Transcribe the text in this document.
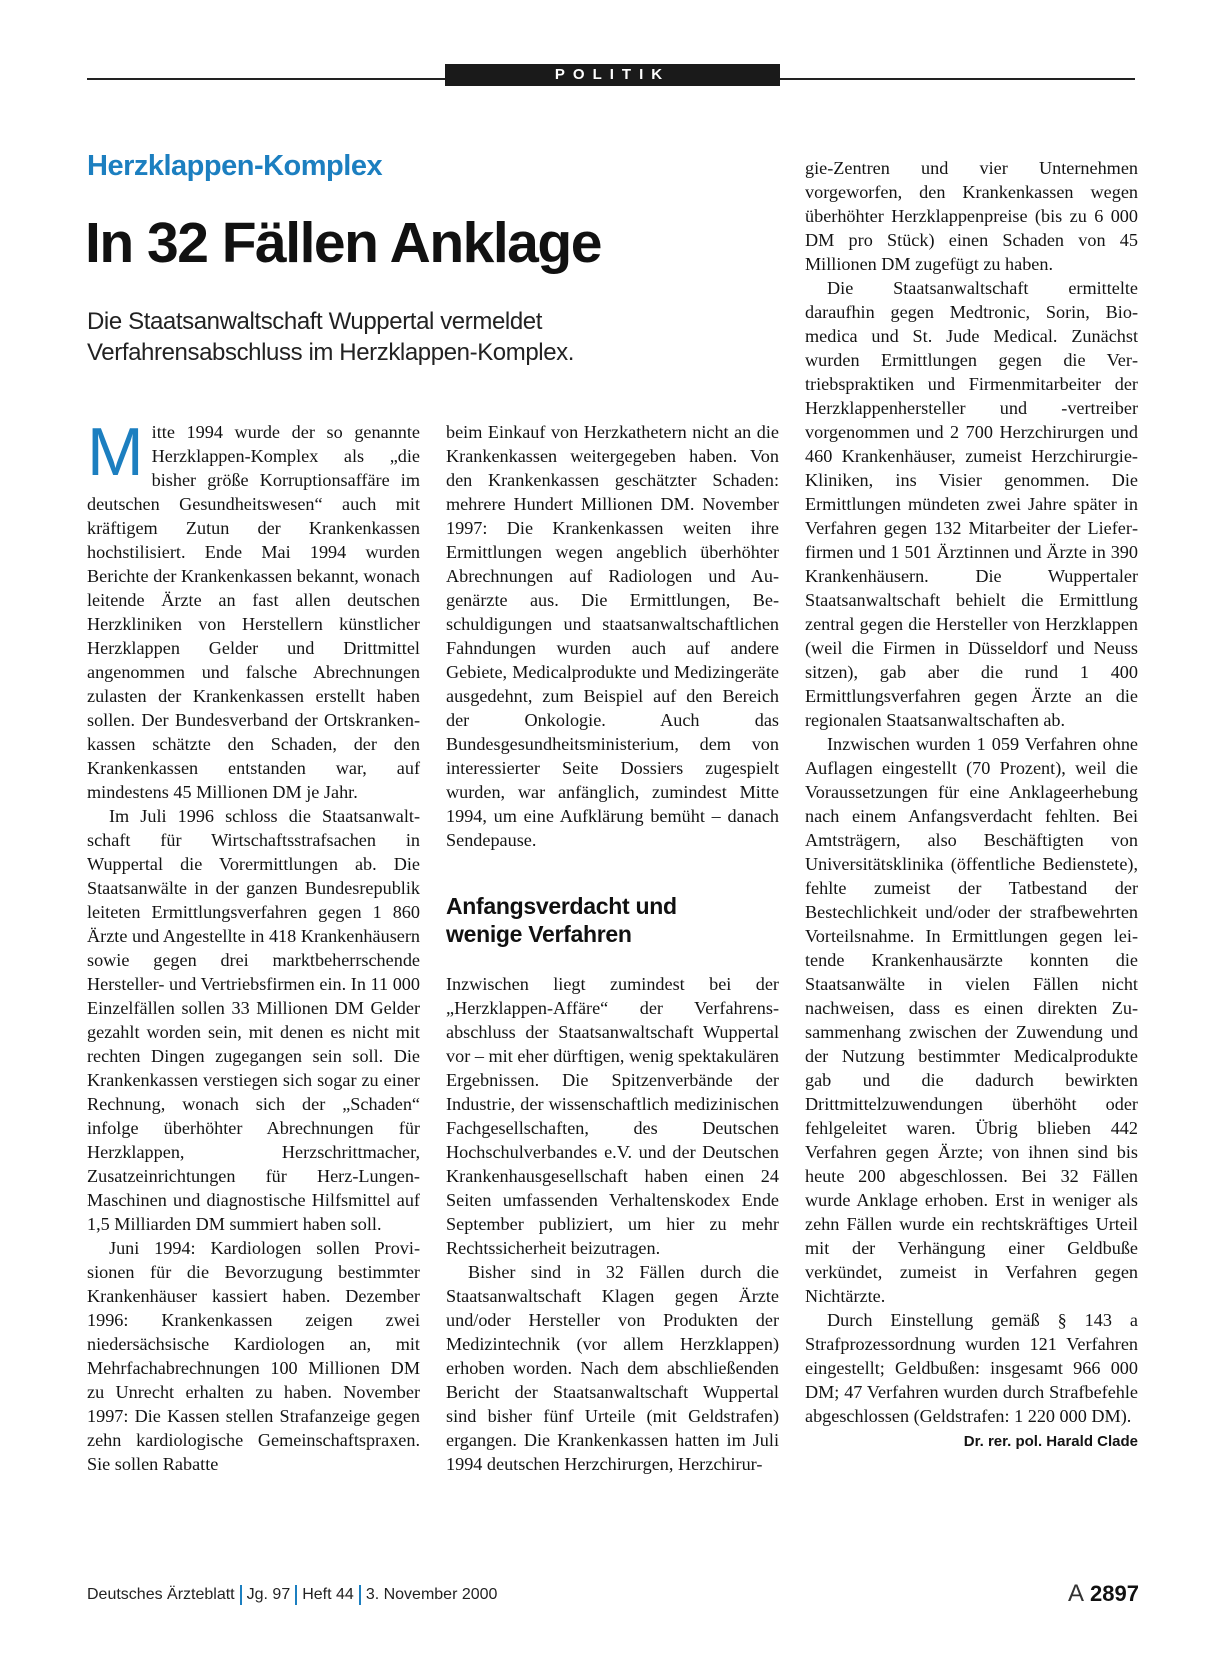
POLITIK
Herzklappen-Komplex
In 32 Fällen Anklage
Die Staatsanwaltschaft Wuppertal vermeldet
Verfahrensabschluss im Herzklappen-Komplex.

Mitte 1994 wurde der so genannte Herzklappen-Komplex als „die bisher größe Korruptionsaffäre im deutschen Gesundheitswesen“ auch mit kräftigem Zutun der Krankenkassen hochstilisiert. Ende Mai 1994 wurden Berichte der Krankenkassen bekannt, wonach leitende Ärzte an fast allen deutschen Herzkliniken von Herstellern künstlicher Herzklappen Gelder und Drittmittel angenommen und falsche Abrechnungen zulasten der Krankenkassen erstellt haben sollen. Der Bundesverband der Ortskrankenkassen schätzte den Schaden, der den Krankenkassen entstanden war, auf mindestens 45 Millionen DM je Jahr.

Im Juli 1996 schloss die Staatsanwaltschaft für Wirtschaftsstrafsachen in Wuppertal die Vorermittlungen ab. Die Staatsanwälte in der ganzen Bundesrepublik leiteten Ermittlungsverfahren gegen 1 860 Ärzte und Angestellte in 418 Krankenhäusern sowie gegen drei marktbeherrschende Hersteller- und Vertriebsfirmen ein. In 11 000 Einzelfällen sollen 33 Millionen DM Gelder gezahlt worden sein, mit denen es nicht mit rechten Dingen zugegangen sein soll. Die Krankenkassen verstiegen sich sogar zu einer Rechnung, wonach sich der „Schaden“ infolge überhöhter Abrechnungen für Herzklappen, Herzschrittmacher, Zusatzeinrichtungen für Herz-Lungen-Maschinen und diagnostische Hilfsmittel auf 1,5 Milliarden DM summiert haben soll.

Juni 1994: Kardiologen sollen Provisionen für die Bevorzugung bestimmter Krankenhäuser kassiert haben. Dezember 1996: Krankenkassen zeigen zwei niedersächsische Kardiologen an, mit Mehrfachabrechnungen 100 Millionen DM zu Unrecht erhalten zu haben. November 1997: Die Kassen stellen Strafanzeige gegen zehn kardiologische Gemeinschaftspraxen. Sie sollen Rabatte

beim Einkauf von Herzkathetern nicht an die Krankenkassen weitergegeben haben. Von den Krankenkassen geschätzter Schaden: mehrere Hundert Millionen DM. November 1997: Die Krankenkassen weiten ihre Ermittlungen wegen angeblich überhöhter Abrechnungen auf Radiologen und Augenärzte aus. Die Ermittlungen, Beschuldigungen und staatsanwaltschaftlichen Fahndungen wurden auch auf andere Gebiete, Medicalprodukte und Medizingeräte ausgedehnt, zum Beispiel auf den Bereich der Onkologie. Auch das Bundesgesundheitsministerium, dem von interessierter Seite Dossiers zugespielt wurden, war anfänglich, zumindest Mitte 1994, um eine Aufklärung bemüht – danach Sendepause.

Anfangsverdacht und
wenige Verfahren

Inzwischen liegt zumindest bei der „Herzklappen-Affäre“ der Verfahrensabschluss der Staatsanwaltschaft Wuppertal vor – mit eher dürftigen, wenig spektakulären Ergebnissen. Die Spitzenverbände der Industrie, der wissenschaftlich medizinischen Fachgesellschaften, des Deutschen Hochschulverbandes e.V. und der Deutschen Krankenhausgesellschaft haben einen 24 Seiten umfassenden Verhaltenskodex Ende September publiziert, um hier zu mehr Rechtssicherheit beizutragen.

Bisher sind in 32 Fällen durch die Staatsanwaltschaft Klagen gegen Ärzte und/oder Hersteller von Produkten der Medizintechnik (vor allem Herzklappen) erhoben worden. Nach dem abschließenden Bericht der Staatsanwaltschaft Wuppertal sind bisher fünf Urteile (mit Geldstrafen) ergangen. Die Krankenkassen hatten im Juli 1994 deutschen Herzchirurgen, Herzchirur-

gie-Zentren und vier Unternehmen vorgeworfen, den Krankenkassen wegen überhöhter Herzklappenpreise (bis zu 6 000 DM pro Stück) einen Schaden von 45 Millionen DM zugefügt zu haben.

Die Staatsanwaltschaft ermittelte daraufhin gegen Medtronic, Sorin, Biomedica und St. Jude Medical. Zunächst wurden Ermittlungen gegen die Vertriebspraktiken und Firmenmitarbeiter der Herzklappenhersteller und -vertreiber vorgenommen und 2 700 Herzchirurgen und 460 Krankenhäuser, zumeist Herzchirurgie-Kliniken, ins Visier genommen. Die Ermittlungen mündeten zwei Jahre später in Verfahren gegen 132 Mitarbeiter der Lieferfirmen und 1 501 Ärztinnen und Ärzte in 390 Krankenhäusern. Die Wuppertaler Staatsanwaltschaft behielt die Ermittlung zentral gegen die Hersteller von Herzklappen (weil die Firmen in Düsseldorf und Neuss sitzen), gab aber die rund 1 400 Ermittlungsverfahren gegen Ärzte an die regionalen Staatsanwaltschaften ab.

Inzwischen wurden 1 059 Verfahren ohne Auflagen eingestellt (70 Prozent), weil die Voraussetzungen für eine Anklageerhebung nach einem Anfangsverdacht fehlten. Bei Amtsträgern, also Beschäftigten von Universitätsklinika (öffentliche Bedienstete), fehlte zumeist der Tatbestand der Bestechlichkeit und/oder der strafbewehrten Vorteilsnahme. In Ermittlungen gegen leitende Krankenhausärzte konnten die Staatsanwälte in vielen Fällen nicht nachweisen, dass es einen direkten Zusammenhang zwischen der Zuwendung und der Nutzung bestimmter Medicalprodukte gab und die dadurch bewirkten Drittmittelzuwendungen überhöht oder fehlgeleitet waren. Übrig blieben 442 Verfahren gegen Ärzte; von ihnen sind bis heute 200 abgeschlossen. Bei 32 Fällen wurde Anklage erhoben. Erst in weniger als zehn Fällen wurde ein rechtskräftiges Urteil mit der Verhängung einer Geldbuße verkündet, zumeist in Verfahren gegen Nichtärzte.

Durch Einstellung gemäß § 143 a Strafprozessordnung wurden 121 Verfahren eingestellt; Geldbußen: insgesamt 966 000 DM; 47 Verfahren wurden durch Strafbefehle abgeschlossen (Geldstrafen: 1 220 000 DM).
Dr. rer. pol. Harald Clade

Deutsches Ärzteblatt Jg. 97 Heft 44 3. November 2000	A 2897
